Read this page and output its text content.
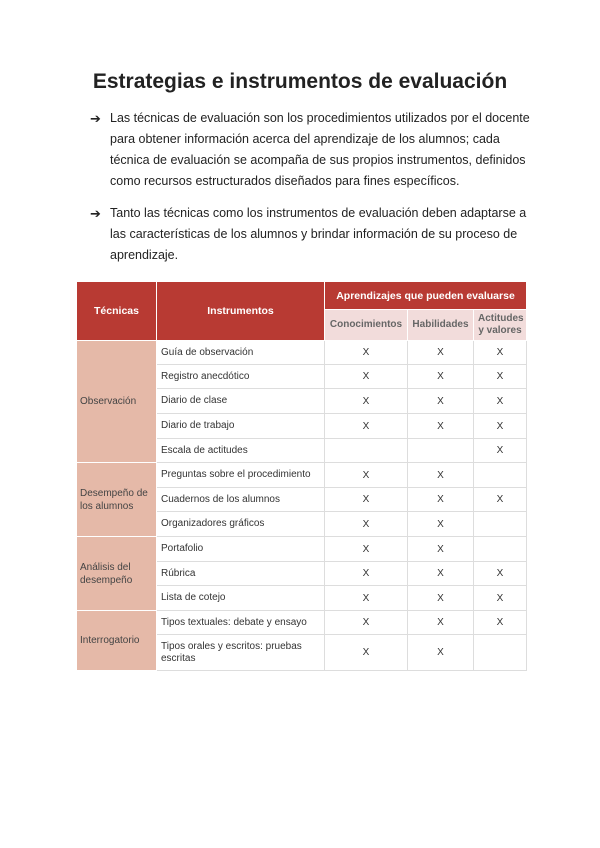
Estrategias e instrumentos de evaluación
➔ Las técnicas de evaluación son los procedimientos utilizados por el docente para obtener información acerca del aprendizaje de los alumnos; cada técnica de evaluación se acompaña de sus propios instrumentos, definidos como recursos estructurados diseñados para fines específicos.
➔ Tanto las técnicas como los instrumentos de evaluación deben adaptarse a las características de los alumnos y brindar información de su proceso de aprendizaje.
Técnicas	Instrumentos	Aprendizajes que pueden evaluarse		
		Conocimientos	Habilidades	Actitudes y valores
Observación	Guía de observación	X	X	X
	Registro anecdótico	X	X	X
	Diario de clase	X	X	X
	Diario de trabajo	X	X	X
	Escala de actitudes			X
Desempeño de los alumnos	Preguntas sobre el procedimiento	X	X	
	Cuadernos de los alumnos	X	X	X
	Organizadores gráficos	X	X	
Análisis del desempeño	Portafolio	X	X	
	Rúbrica	X	X	X
	Lista de cotejo	X	X	X
Interrogatorio	Tipos textuales: debate y ensayo	X	X	X
	Tipos orales y escritos: pruebas escritas	X	X	
